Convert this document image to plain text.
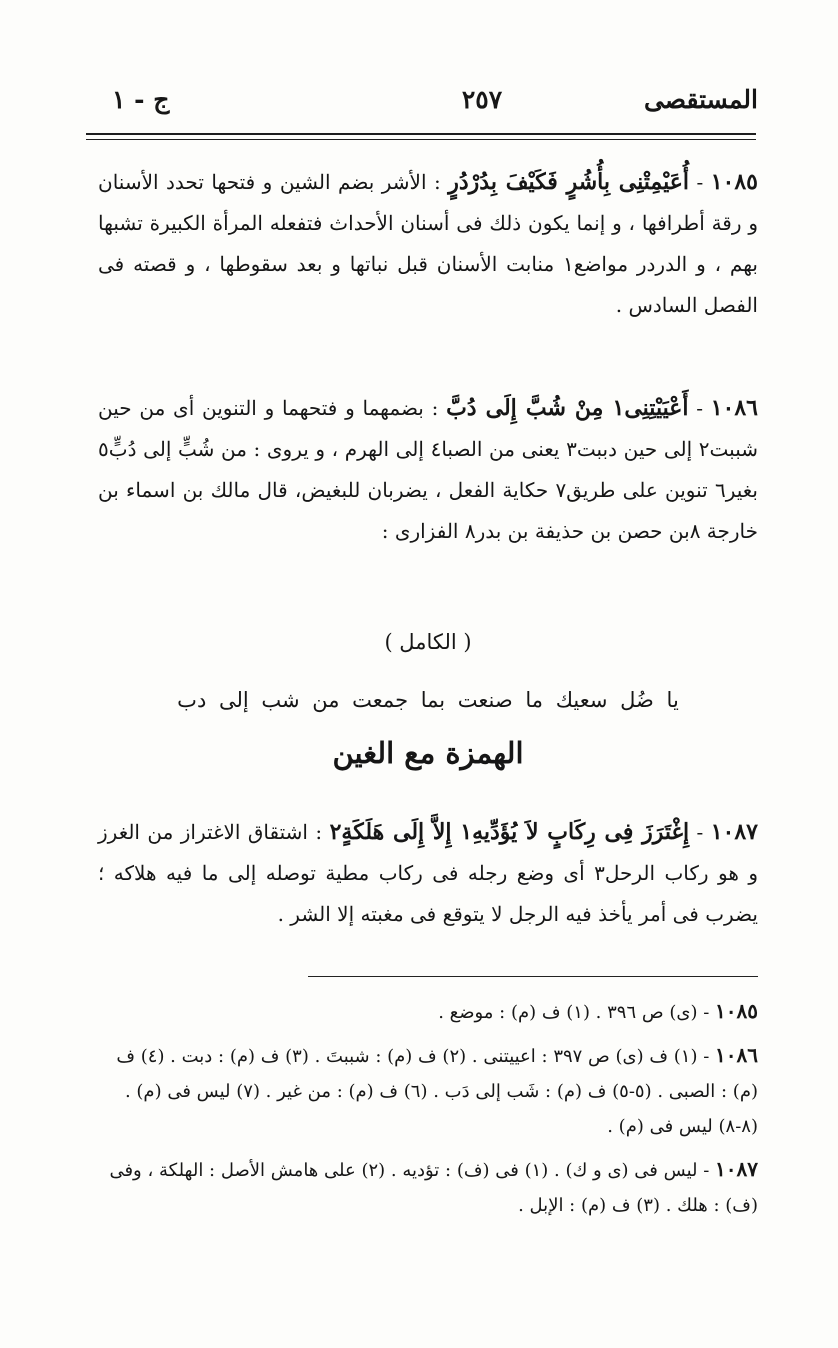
المستقصى
٢٥٧
ج - ١

١٠٨٥ - أُعَيْمِتْنِى بِأُشُرٍ فَكَيْفَ بِدُرْدُرٍ : الأشر بضم الشين و فتحها تحدد الأسنان و رقة أطرافها ، و إنما يكون ذلك فى أسنان الأحداث فتفعله المرأة الكبيرة تشبها بهم ، و الدردر مواضع١ منابت الأسنان قبل نباتها و بعد سقوطها ، و قصته فى الفصل السادس .

١٠٨٦ - أَعْيَيْتِنِى١ مِنْ شُبَّ إِلَى دُبَّ : بضمهما و فتحهما و التنوين أى من حين شببت٢ إلى حين دببت٣ يعنى من الصبا٤ إلى الهرم ، و يروى : من شُبٍّ إلى دُبٍّ٥ بغير٦ تنوين على طريق٧ حكاية الفعل ، يضربان للبغيض، قال مالك بن اسماء بن خارجة ٨بن حصن بن حذيفة بن بدر٨ الفزارى :

( الكامل )
يا ضُل سعيك ما صنعت بما جمعت من شب إلى دب
الهمزة مع الغين

١٠٨٧ - إِغْتَرَزَ فِى رِكَابٍ لاَ يُؤَدِّيهِ١ إِلاَّ إِلَى هَلَكَةٍ٢ : اشتقاق الاغتراز من الغرز و هو ركاب الرحل٣ أى وضع رجله فى ركاب مطية توصله إلى ما فيه هلاكه ؛ يضرب فى أمر يأخذ فيه الرجل لا يتوقع فى مغبته إلا الشر .

١٠٨٥ - (ى) ص ٣٩٦ . (١) ف (م) : موضع .

١٠٨٦ - (١) ف (ى) ص ٣٩٧ : اعييتنى . (٢) ف (م) : شببتَ . (٣) ف (م) : دبت . (٤) ف (م) : الصبى . (٥-٥) ف (م) : شَب إلى دَب . (٦) ف (م) : من غير . (٧) ليس فى (م) . (٨-٨) ليس فى (م) .

١٠٨٧ - ليس فى (ى و ك) . (١) فى (ف) : تؤديه . (٢) على هامش الأصل : الهلكة ، وفى (ف) : هلك . (٣) ف (م) : الإبل .
